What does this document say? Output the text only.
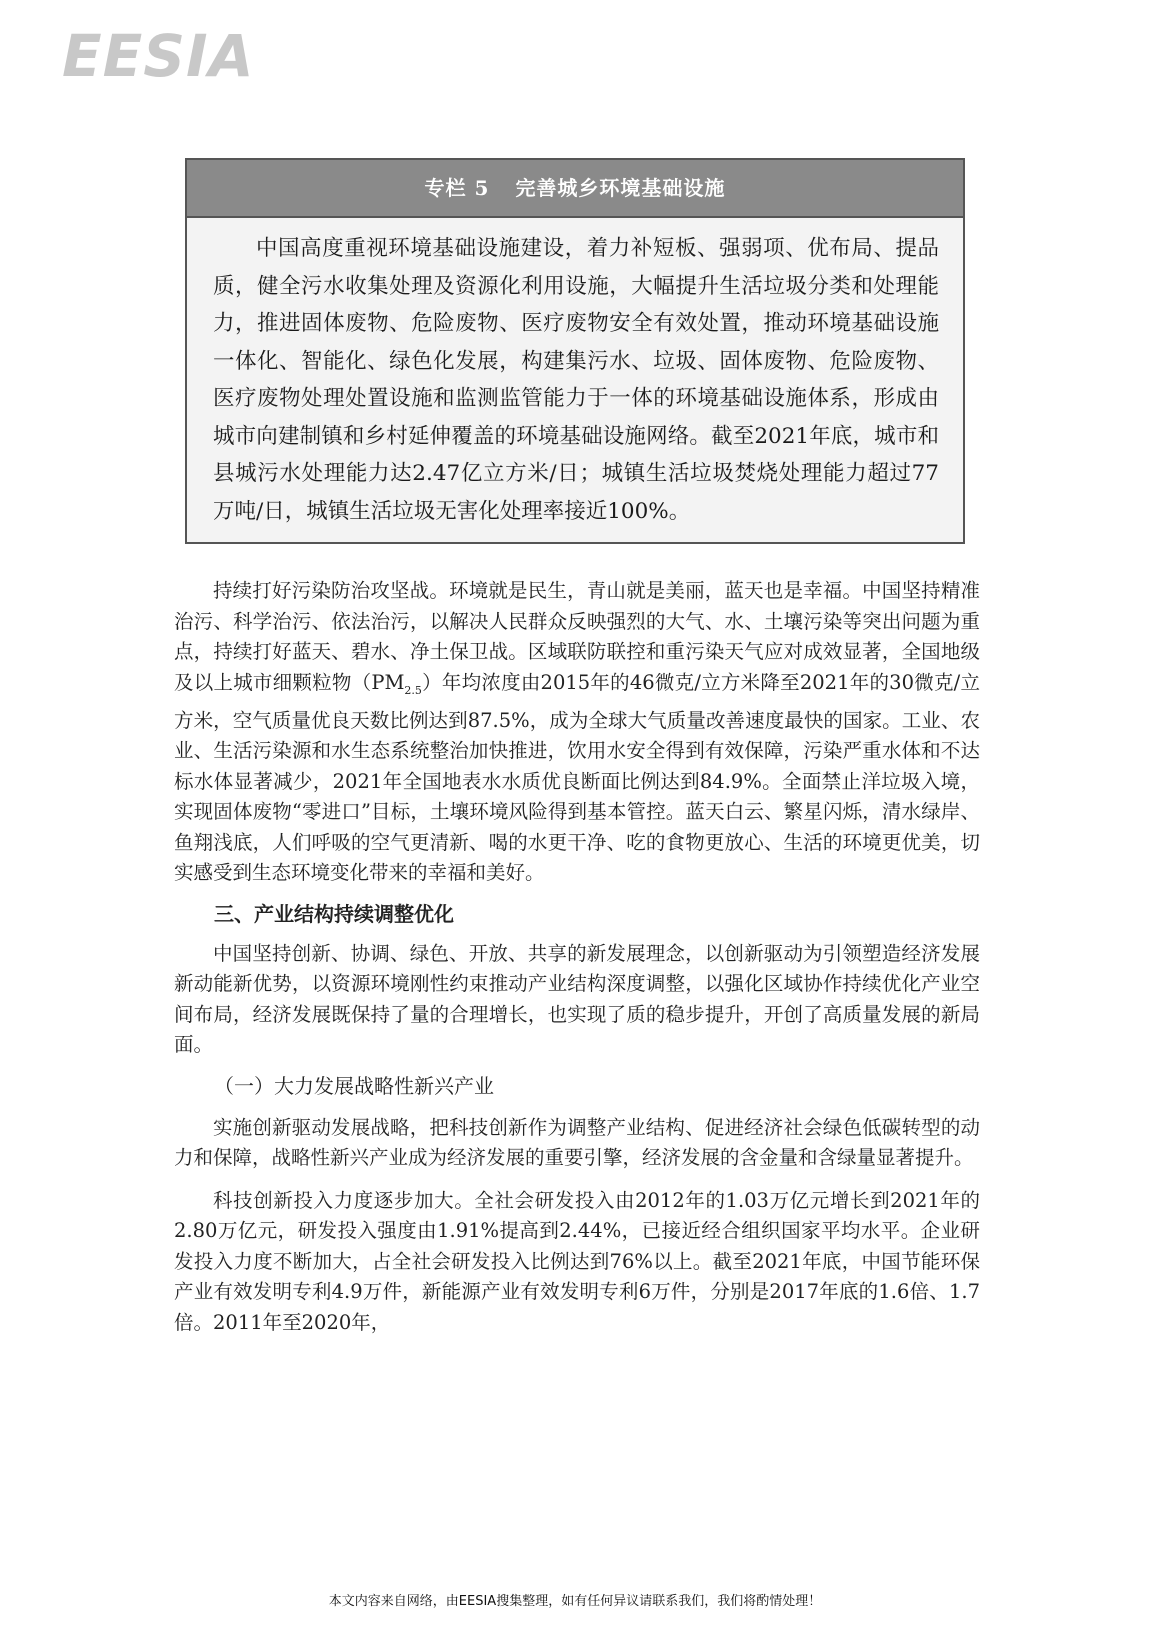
EESIA
专栏 5 完善城乡环境基础设施
中国高度重视环境基础设施建设，着力补短板、强弱项、优布局、提品质，健全污水收集处理及资源化利用设施，大幅提升生活垃圾分类和处理能力，推进固体废物、危险废物、医疗废物安全有效处置，推动环境基础设施一体化、智能化、绿色化发展，构建集污水、垃圾、固体废物、危险废物、医疗废物处理处置设施和监测监管能力于一体的环境基础设施体系，形成由城市向建制镇和乡村延伸覆盖的环境基础设施网络。截至2021年底，城市和县城污水处理能力达2.47亿立方米/日；城镇生活垃圾焚烧处理能力超过77万吨/日，城镇生活垃圾无害化处理率接近100%。

持续打好污染防治攻坚战。环境就是民生，青山就是美丽，蓝天也是幸福。中国坚持精准治污、科学治污、依法治污，以解决人民群众反映强烈的大气、水、土壤污染等突出问题为重点，持续打好蓝天、碧水、净土保卫战。区域联防联控和重污染天气应对成效显著，全国地级及以上城市细颗粒物$(PM_{2.5})$年均浓度由2015年的46微克/立方米降至2021年的30微克/立方米，空气质量优良天数比例达到87.5%，成为全球大气质量改善速度最快的国家。工业、农业、生活污染源和水生态系统整治加快推进，饮用水安全得到有效保障，污染严重水体和不达标水体显著减少，2021年全国地表水水质优良断面比例达到84.9%。全面禁止洋垃圾入境，实现固体废物“零进口”目标，土壤环境风险得到基本管控。蓝天白云、繁星闪烁，清水绿岸、鱼翔浅底，人们呼吸的空气更清新、喝的水更干净、吃的食物更放心、生活的环境更优美，切实感受到生态环境变化带来的幸福和美好。

三、产业结构持续调整优化

中国坚持创新、协调、绿色、开放、共享的新发展理念，以创新驱动为引领塑造经济发展新动能新优势，以资源环境刚性约束推动产业结构深度调整，以强化区域协作持续优化产业空间布局，经济发展既保持了量的合理增长，也实现了质的稳步提升，开创了高质量发展的新局面。

（一）大力发展战略性新兴产业

实施创新驱动发展战略，把科技创新作为调整产业结构、促进经济社会绿色低碳转型的动力和保障，战略性新兴产业成为经济发展的重要引擎，经济发展的含金量和含绿量显著提升。

科技创新投入力度逐步加大。全社会研发投入由2012年的1.03万亿元增长到2021年的2.80万亿元，研发投入强度由1.91%提高到2.44%，已接近经合组织国家平均水平。企业研发投入力度不断加大，占全社会研发投入比例达到76%以上。截至2021年底，中国节能环保产业有效发明专利4.9万件，新能源产业有效发明专利6万件，分别是2017年底的1.6倍、1.7倍。2011年至2020年，

本文内容来自网络，由EESIA搜集整理，如有任何异议请联系我们，我们将酌情处理！
